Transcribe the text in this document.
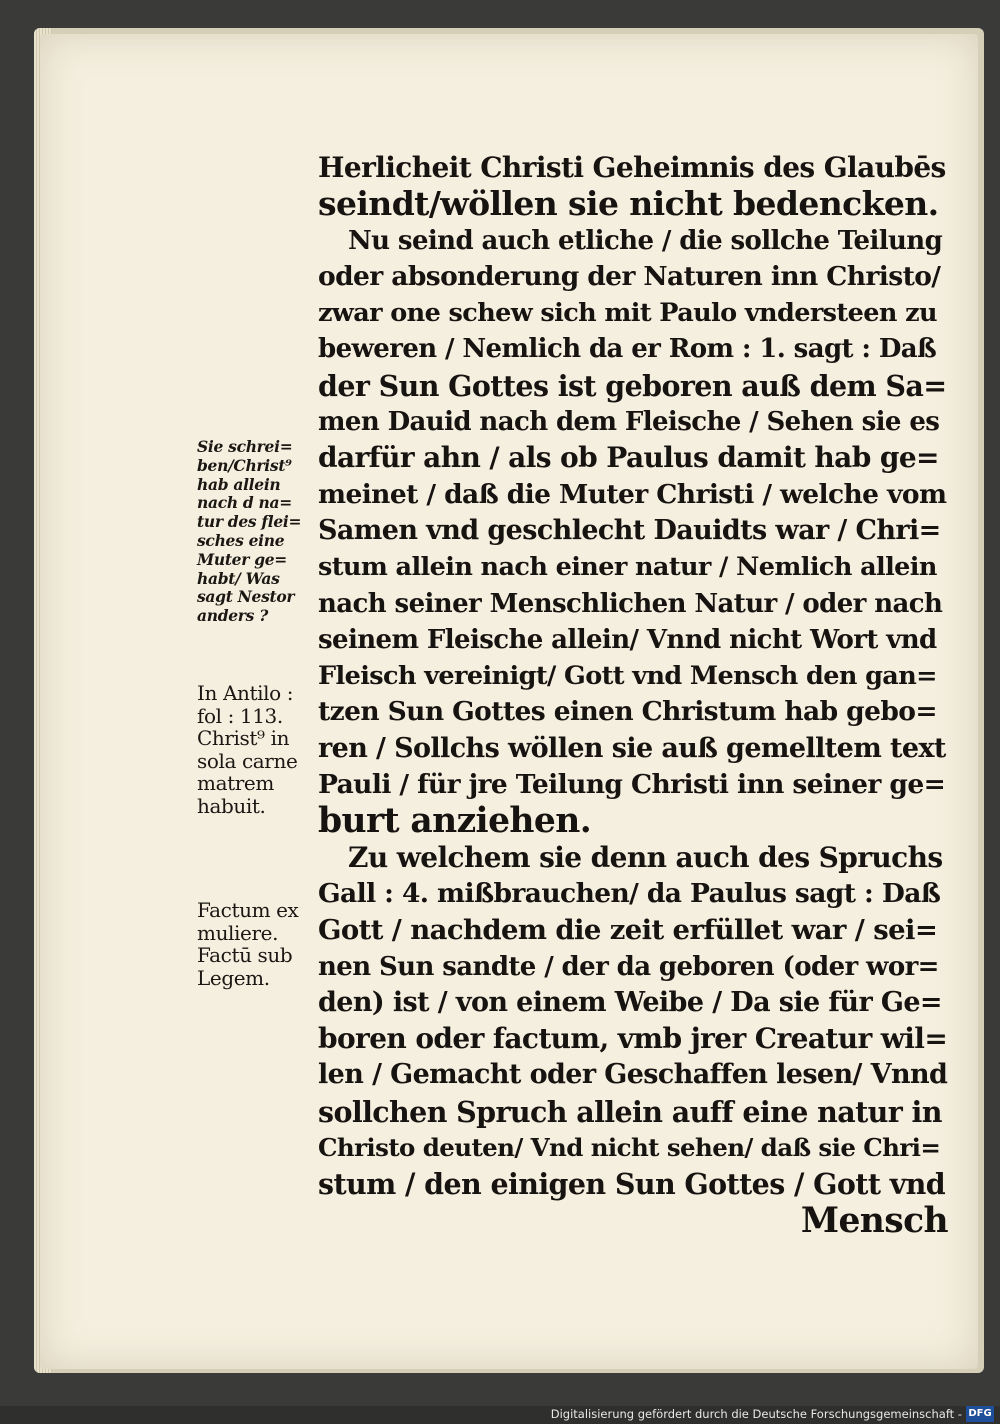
Herlicheit Christi Geheimnis des Glaubēs
seindt/wöllen sie nicht bedencken.
Nu seind auch etliche / die sollche Teilung
oder absonderung der Naturen inn Christo/
zwar one schew sich mit Paulo vndersteen zu
beweren / Nemlich da er Rom : 1. sagt : Daß
der Sun Gottes ist geboren auß dem Sa=
men Dauid nach dem Fleische / Sehen sie es
darfür ahn / als ob Paulus damit hab ge=
meinet / daß die Muter Christi / welche vom
Samen vnd geschlecht Dauidts war / Chri=
stum allein nach einer natur / Nemlich allein
nach seiner Menschlichen Natur / oder nach
seinem Fleische allein/ Vnnd nicht Wort vnd
Fleisch vereinigt/ Gott vnd Mensch den gan=
tzen Sun Gottes einen Christum hab gebo=
ren / Sollchs wöllen sie auß gemelltem text
Pauli / für jre Teilung Christi inn seiner ge=
burt anziehen.
Zu welchem sie denn auch des Spruchs
Gall : 4. mißbrauchen/ da Paulus sagt : Daß
Gott / nachdem die zeit erfüllet war / sei=
nen Sun sandte / der da geboren (oder wor=
den) ist / von einem Weibe / Da sie für Ge=
boren oder factum, vmb jrer Creatur wil=
len / Gemacht oder Geschaffen lesen/ Vnnd
sollchen Spruch allein auff eine natur in
Christo deuten/ Vnd nicht sehen/ daß sie Chri=
stum / den einigen Sun Gottes / Gott vnd
Mensch
Sie schrei=
ben/Christ⁹
hab allein
nach d na=
tur des flei=
sches eine
Muter ge=
habt/ Was
sagt Nestor
anders ?
In Antilo :
fol : 113.
Christ⁹ in
sola carne
matrem
habuit.
Factum ex
muliere.
Factū sub
Legem.
Digitalisierung gefördert durch die Deutsche Forschungsgemeinschaft - DFG
